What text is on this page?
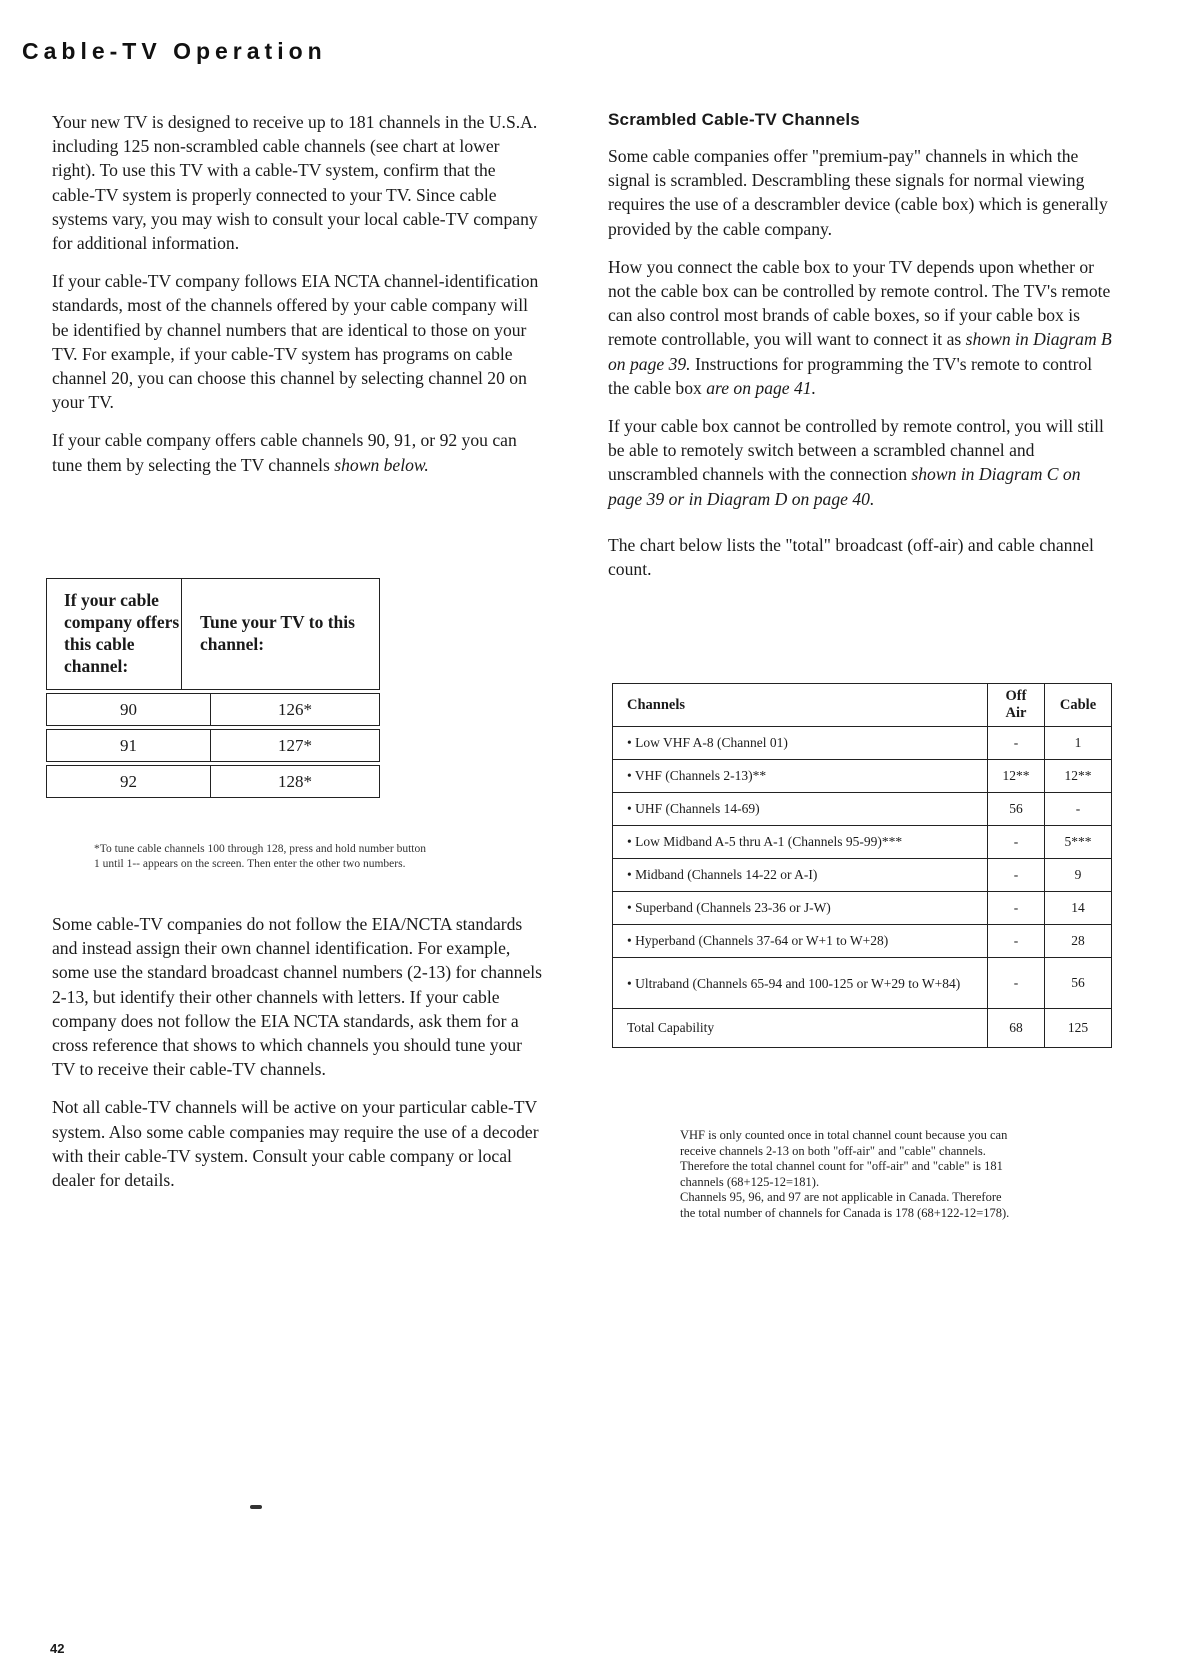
Cable-TV Operation

Your new TV is designed to receive up to 181 channels in the U.S.A. including 125 non-scrambled cable channels (see chart at lower right). To use this TV with a cable-TV system, confirm that the cable-TV system is properly connected to your TV. Since cable systems vary, you may wish to consult your local cable-TV company for additional information.

If your cable-TV company follows EIA NCTA channel-identification standards, most of the channels offered by your cable company will be identified by channel numbers that are identical to those on your TV. For example, if your cable-TV system has programs on cable channel 20, you can choose this channel by selecting channel 20 on your TV.

If your cable company offers cable channels 90, 91, or 92 you can tune them by selecting the TV channels shown below.

If your cable company offers this cable channel:
Tune your TV to this channel:
90	126*
91	127*
92	128*
*To tune cable channels 100 through 128, press and hold number button
1 until 1-- appears on the screen. Then enter the other two numbers.

Some cable-TV companies do not follow the EIA/NCTA standards and instead assign their own channel identification. For example, some use the standard broadcast channel numbers (2-13) for channels 2-13, but identify their other channels with letters. If your cable company does not follow the EIA NCTA standards, ask them for a cross reference that shows to which channels you should tune your TV to receive their cable-TV channels.

Not all cable-TV channels will be active on your particular cable-TV system. Also some cable companies may require the use of a decoder with their cable-TV system. Consult your cable company or local dealer for details.

Scrambled Cable-TV Channels

Some cable companies offer "premium-pay" channels in which the signal is scrambled. Descrambling these signals for normal viewing requires the use of a descrambler device (cable box) which is generally provided by the cable company.

How you connect the cable box to your TV depends upon whether or not the cable box can be controlled by remote control. The TV's remote can also control most brands of cable boxes, so if your cable box is remote controllable, you will want to connect it as shown in Diagram B on page 39. Instructions for programming the TV's remote to control the cable box are on page 41.

If your cable box cannot be controlled by remote control, you will still be able to remotely switch between a scrambled channel and unscrambled channels with the connection shown in Diagram C on page 39 or in Diagram D on page 40.

The chart below lists the "total" broadcast (off-air) and cable channel count.

Channels	Off Air	Cable
• Low VHF A-8 (Channel 01)	-	1
• VHF (Channels 2-13)**	12**	12**
• UHF (Channels 14-69)	56	-
• Low Midband A-5 thru A-1 (Channels 95-99)***	-	5***
• Midband (Channels 14-22 or A-I)	-	9
• Superband (Channels 23-36 or J-W)	-	14
• Hyperband (Channels 37-64 or W+1 to W+28)	-	28
• Ultraband (Channels 65-94 and 100-125 or W+29 to W+84)	-	56
Total Capability	68	125
VHF is only counted once in total channel count because you can
receive channels 2-13 on both "off-air" and "cable" channels.
Therefore the total channel count for "off-air" and "cable" is 181
channels (68+125-12=181).
Channels 95, 96, and 97 are not applicable in Canada. Therefore
the total number of channels for Canada is 178 (68+122-12=178).
42
